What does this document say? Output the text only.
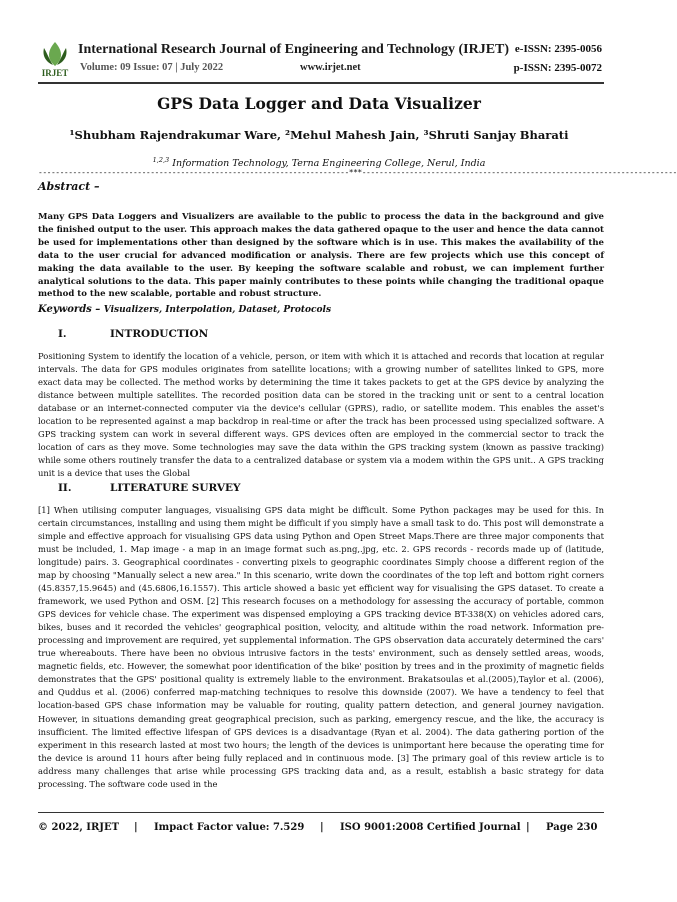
IRJET
International Research Journal of Engineering and Technology (IRJET) e-ISSN: 2395-0056
Volume: 09 Issue: 07 | July 2022	www.irjet.net	p-ISSN: 2395-0072
GPS Data Logger and Data Visualizer
¹Shubham Rajendrakumar Ware, ²Mehul Mahesh Jain, ³Shruti Sanjay Bharati
$^{1,2,3}$ Information Technology, Terna Engineering College, Nerul, India
------------------------------------------------------------------------***-------------------------------------------------------------------------
Abstract –
Many GPS Data Loggers and Visualizers are available to the public to process the data in the background and give the finished output to the user. This approach makes the data gathered opaque to the user and hence the data cannot be used for implementations other than designed by the software which is in use. This makes the availability of the data to the user crucial for advanced modification or analysis. There are few projects which use this concept of making the data available to the user. By keeping the software scalable and robust, we can implement further analytical solutions to the data. This paper mainly contributes to these points while changing the traditional opaque method to the new scalable, portable and robust structure.
Keywords – Visualizers, Interpolation, Dataset, Protocols
I.	INTRODUCTION
Positioning System to identify the location of a vehicle, person, or item with which it is attached and records that location at regular intervals. The data for GPS modules originates from satellite locations; with a growing number of satellites linked to GPS, more exact data may be collected. The method works by determining the time it takes packets to get at the GPS device by analyzing the distance between multiple satellites. The recorded position data can be stored in the tracking unit or sent to a central location database or an internet-connected computer via the device's cellular (GPRS), radio, or satellite modem. This enables the asset's location to be represented against a map backdrop in real-time or after the track has been processed using specialized software. A GPS tracking system can work in several different ways. GPS devices often are employed in the commercial sector to track the location of cars as they move. Some technologies may save the data within the GPS tracking system (known as passive tracking) while some others routinely transfer the data to a centralized database or system via a modem within the GPS unit.. A GPS tracking unit is a device that uses the Global
II.	LITERATURE SURVEY
[1] When utilising computer languages, visualising GPS data might be difficult. Some Python packages may be used for this. In certain circumstances, installing and using them might be difficult if you simply have a small task to do. This post will demonstrate a simple and effective approach for visualising GPS data using Python and Open Street Maps.There are three major components that must be included, 1. Map image - a map in an image format such as.png,.jpg, etc. 2. GPS records - records made up of (latitude, longitude) pairs. 3. Geographical coordinates - converting pixels to geographic coordinates Simply choose a different region of the map by choosing "Manually select a new area." In this scenario, write down the coordinates of the top left and bottom right corners (45.8357,15.9645) and (45.6806,16.1557). This article showed a basic yet efficient way for visualising the GPS dataset. To create a framework, we used Python and OSM. [2] This research focuses on a methodology for assessing the accuracy of portable, common GPS devices for vehicle chase. The experiment was dispensed employing a GPS tracking device BT-338(X) on vehicles adored cars, bikes, buses and it recorded the vehicles' geographical position, velocity, and altitude within the road network. Information pre-processing and improvement are required, yet supplemental information. The GPS observation data accurately determined the cars' true whereabouts. There have been no obvious intrusive factors in the tests' environment, such as densely settled areas, woods, magnetic fields, etc. However, the somewhat poor identification of the bike' position by trees and in the proximity of magnetic fields demonstrates that the GPS' positional quality is extremely liable to the environment. Brakatsoulas et al.(2005),Taylor et al. (2006), and Quddus et al. (2006) conferred map-matching techniques to resolve this downside (2007). We have a tendency to feel that location-based GPS chase information may be valuable for routing, quality pattern detection, and general journey navigation. However, in situations demanding great geographical precision, such as parking, emergency rescue, and the like, the accuracy is insufficient. The limited effective lifespan of GPS devices is a disadvantage (Ryan et al. 2004). The data gathering portion of the experiment in this research lasted at most two hours; the length of the devices is unimportant here because the operating time for the device is around 11 hours after being fully replaced and in continuous mode. [3] The primary goal of this review article is to address many challenges that arise while processing GPS tracking data and, as a result, establish a basic strategy for data processing. The software code used in the
© 2022, IRJET | Impact Factor value: 7.529 | ISO 9001:2008 Certified Journal | Page 230
